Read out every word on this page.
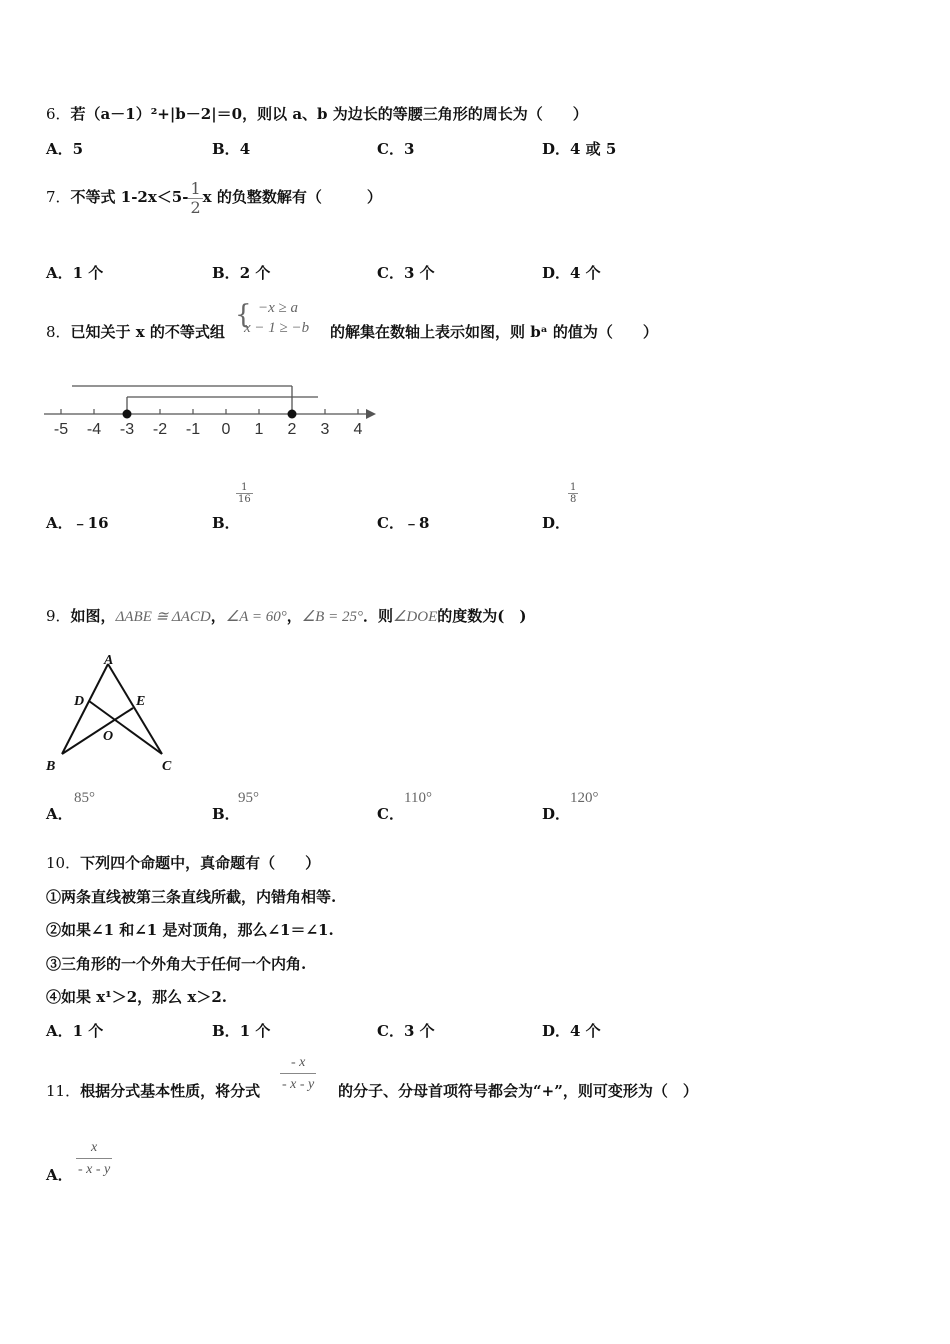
6．若（a－1）²+|b－2|＝0，则以 a、b 为边长的等腰三角形的周长为（　　）
A．5	B．4	C．3	D．4 或 5
7．不等式 $1-2x<5- \frac{1}{2}$ x 的负整数解有（　　　）
A．1 个	B．2 个	C．3 个	D．4 个
8．已知关于 x 的不等式组
{ −x ≥ a
x − 1 ≥ −b 的解集在数轴上表示如图，则 bᵃ 的值为（　　）
-5 -4 -3 -2 -1 0 1 2 3 4
A．﹣16	B．
$\frac{1}{16}$
C．﹣8	D．
$\frac{1}{8}$
9．如图，ΔABE ≅ ΔACD，∠A = 60°，∠B = 25°．则∠DOE的度数为(　)
A
D	E
O
B	C
A．
85°
B．
95°
C．
110°
D．
120°
10．下列四个命题中，真命题有（　　）
①两条直线被第三条直线所截，内错角相等.
②如果∠1 和∠1 是对顶角，那么∠1＝∠1.
③三角形的一个外角大于任何一个内角.
④如果 x¹＞2，那么 x＞2.
A．1 个	B．1 个	C．3 个	D．4 个
11．根据分式基本性质，将分式 $\frac{- x}{- x - y}$ 的分子、分母首项符号都会为“+”，则可变形为（　）
A． $\frac{x}{- x - y}$
